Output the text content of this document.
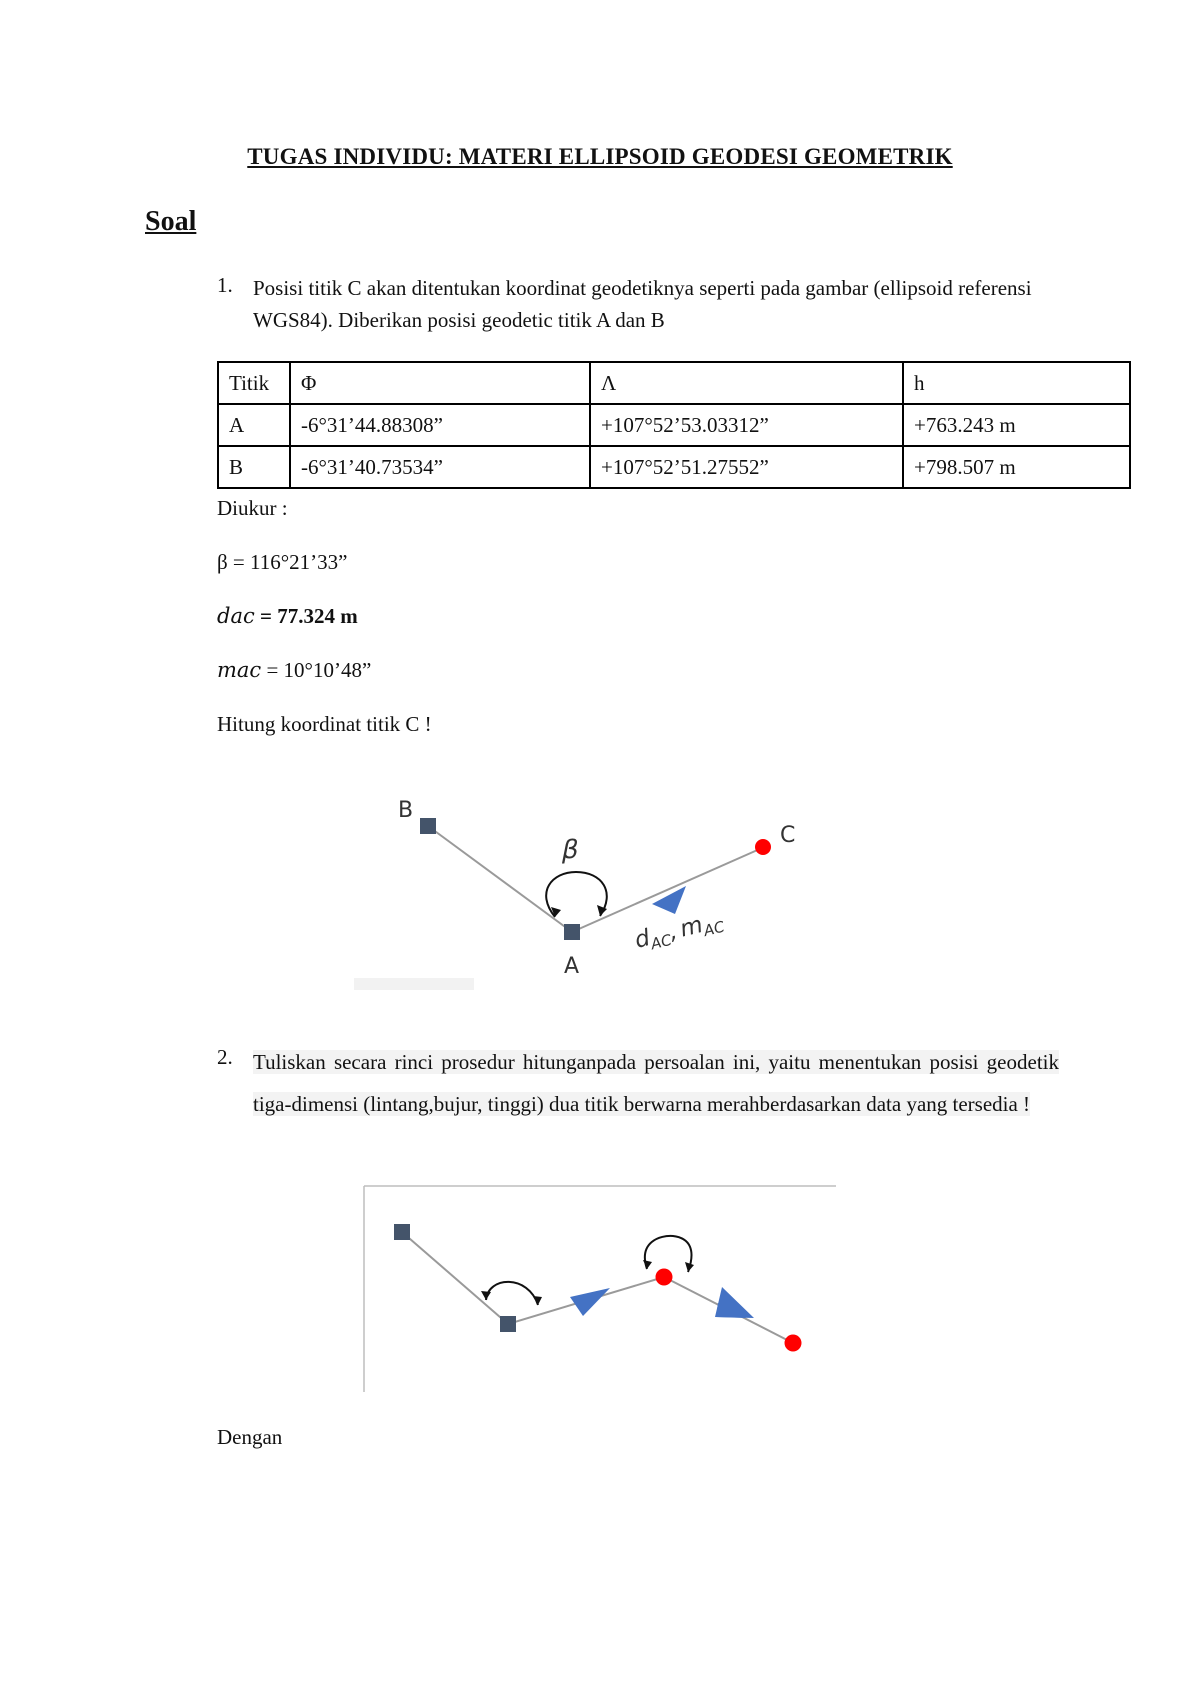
TUGAS INDIVIDU: MATERI ELLIPSOID GEODESI GEOMETRIK
Soal
1. Posisi titik C akan ditentukan koordinat geodetiknya seperti pada gambar (ellipsoid referensi WGS84). Diberikan posisi geodetic titik A dan B
Titik	Φ	Λ	h
A	-6°31’44.88308”	+107°52’53.03312”	+763.243 m
B	-6°31’40.73534”	+107°52’51.27552”	+798.507 m
Diukur :
β = 116°21’33”
dac = 77.324 m
mac = 10°10’48”
Hitung koordinat titik C !
B
A
C
β
$d_{AC},m_{AC}$
2. Tuliskan secara rinci prosedur hitunganpada persoalan ini, yaitu menentukan posisi geodetik tiga-dimensi (lintang,bujur, tinggi) dua titik berwarna merahberdasarkan data yang tersedia !
Dengan
